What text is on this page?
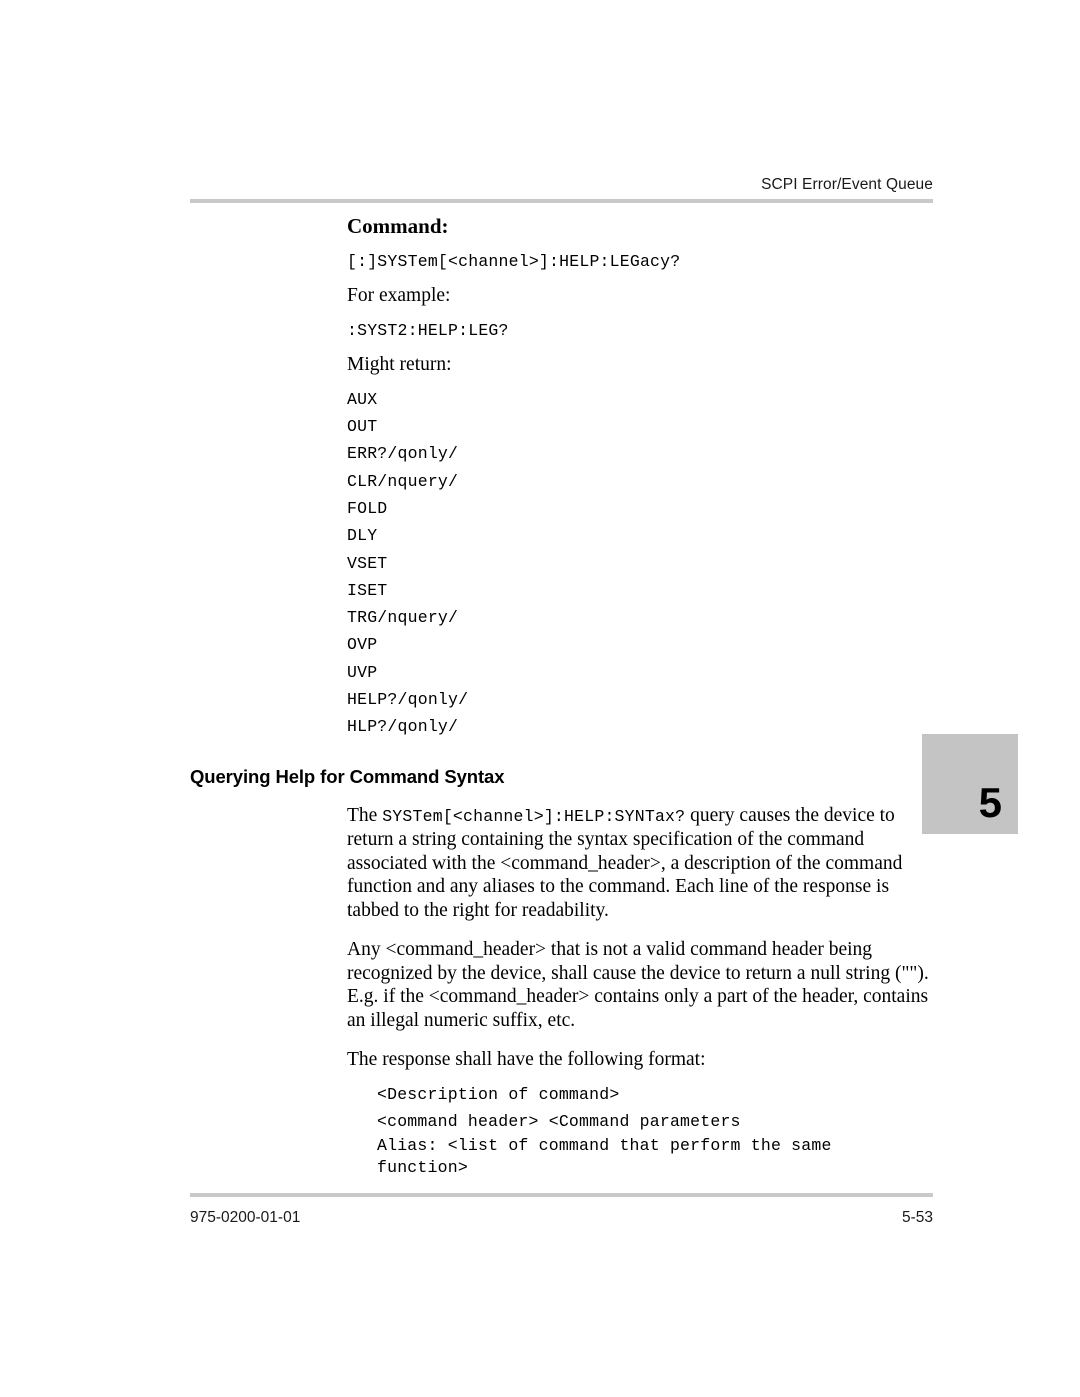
SCPI Error/Event Queue
5
Command:
[:]SYSTem[<channel>]:HELP:LEGacy?
For example:
:SYST2:HELP:LEG?
Might return:
AUX
OUT
ERR?/qonly/
CLR/nquery/
FOLD
DLY
VSET
ISET
TRG/nquery/
OVP
UVP
HELP?/qonly/
HLP?/qonly/
Querying Help for Command Syntax

The SYSTem[<channel>]:HELP:SYNTax? query causes the device to return a string containing the syntax specification of the command associated with the <command_header>, a description of the command function and any aliases to the command. Each line of the response is tabbed to the right for readability.

Any <command_header> that is not a valid command header being recognized by the device, shall cause the device to return a null string (""). E.g. if the <command_header> contains only a part of the header, contains an illegal numeric suffix, etc.

The response shall have the following format:

<Description of command>
<command header> <Command parameters
Alias: <list of command that perform the same
function>
975-0200-01-01	5-53
